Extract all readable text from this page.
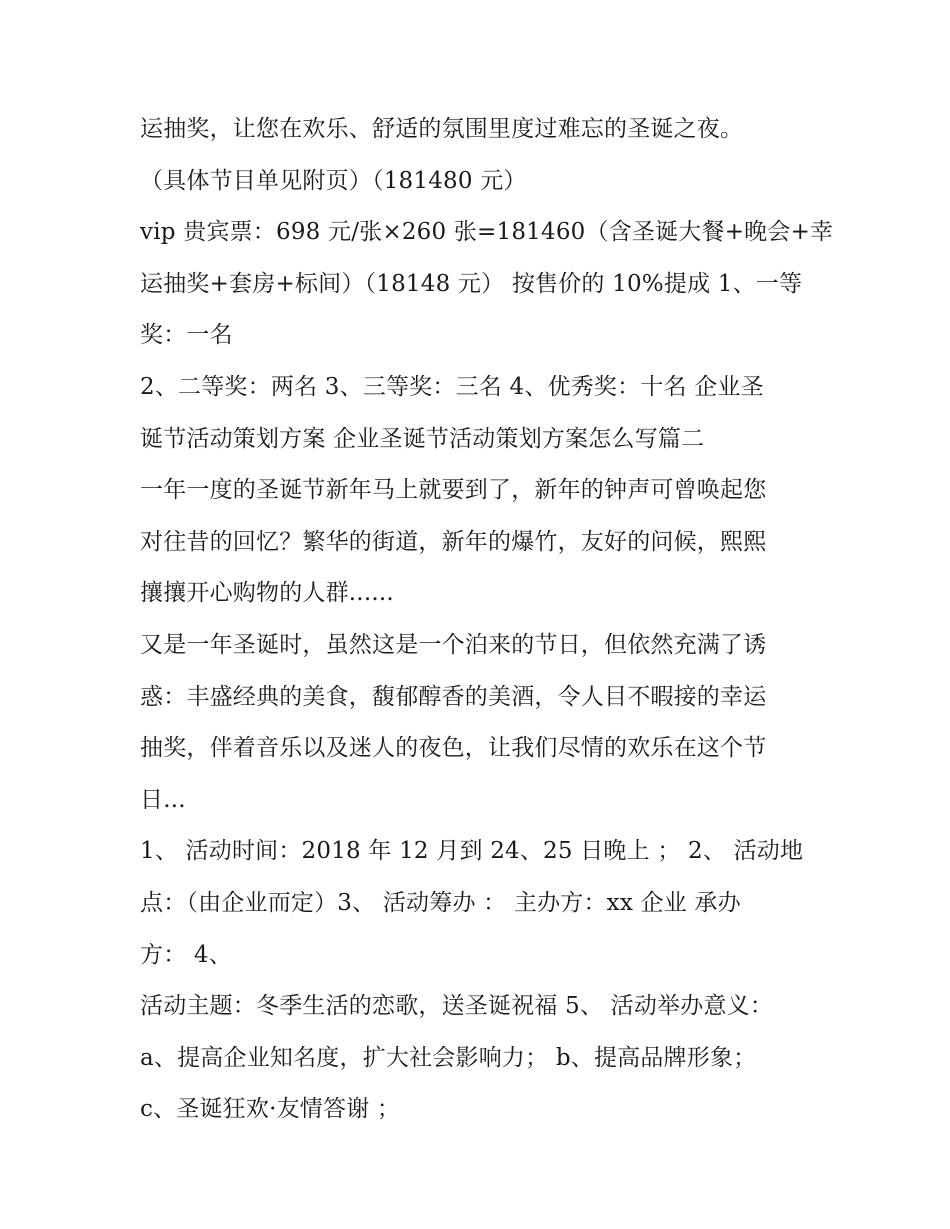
运抽奖，让您在欢乐、舒适的氛围里度过难忘的圣诞之夜。
（具体节目单见附页）（181480 元）
vip 贵宾票：698 元/张×260 张=181460（含圣诞大餐+晚会+幸
运抽奖+套房+标间）（18148 元） 按售价的 10%提成 1、一等
奖：一名
2、二等奖：两名 3、三等奖：三名 4、优秀奖：十名 企业圣
诞节活动策划方案 企业圣诞节活动策划方案怎么写篇二
一年一度的圣诞节新年马上就要到了，新年的钟声可曾唤起您
对往昔的回忆？繁华的街道，新年的爆竹，友好的问候，熙熙
攘攘开心购物的人群......
又是一年圣诞时，虽然这是一个泊来的节日，但依然充满了诱
惑：丰盛经典的美食，馥郁醇香的美酒，令人目不暇接的幸运
抽奖，伴着音乐以及迷人的夜色，让我们尽情的欢乐在这个节
日...
1、 活动时间：2018 年 12 月到 24、25 日晚上 ； 2、 活动地
点：（由企业而定）3、 活动筹办 ： 主办方：xx 企业 承办
方： 4、
活动主题：冬季生活的恋歌，送圣诞祝福 5、 活动举办意义：
a、提高企业知名度，扩大社会影响力； b、提高品牌形象；
c、圣诞狂欢·友情答谢 ；
